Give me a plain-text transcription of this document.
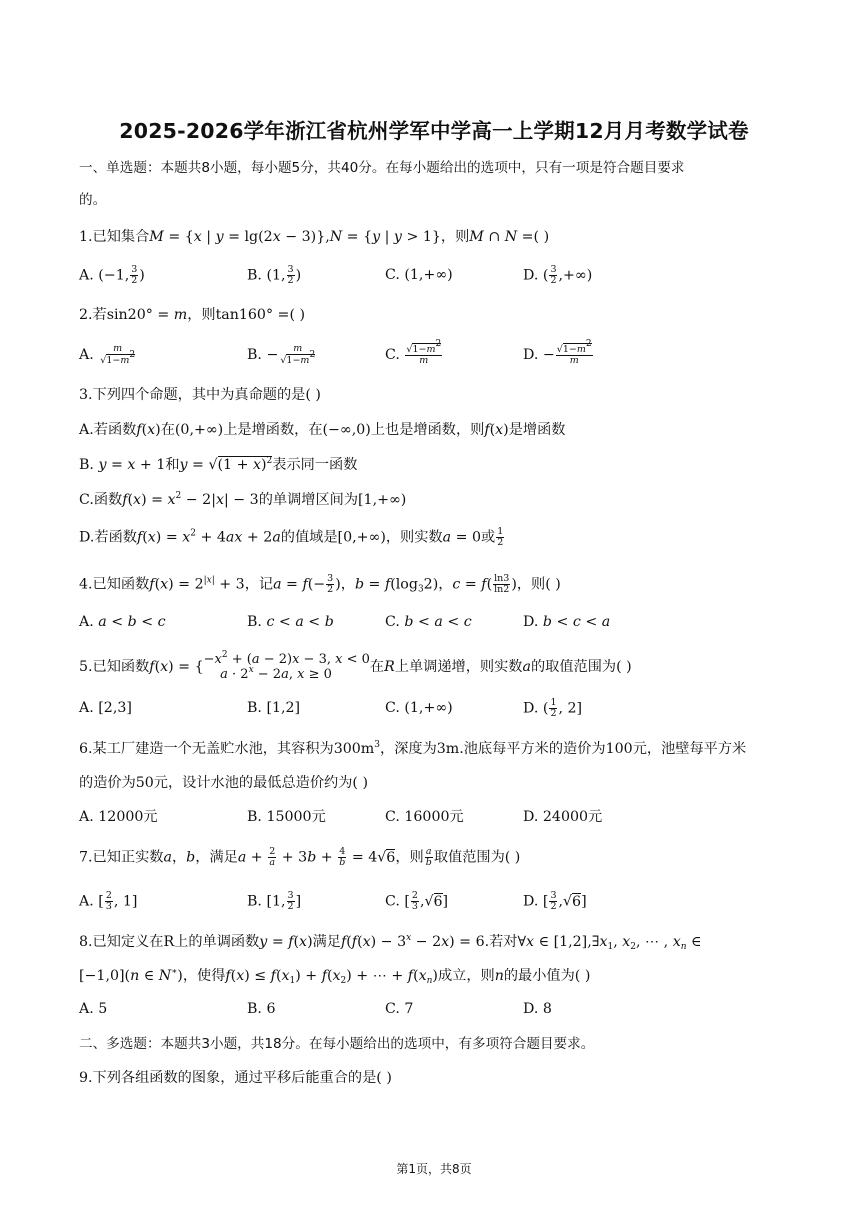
2025-2026学年浙江省杭州学军中学高一上学期12月月考数学试卷
一、单选题：本题共8小题，每小题5分，共40分。在每小题给出的选项中，只有一项是符合题目要求
的。
1.已知集合M = {x | y = lg(2x − 3)},N = {y | y > 1}，则M ∩ N =( )
A. (−1, $\frac{3}{2}$ )	B. (1, $\frac{3}{2}$ )	C. (1,+∞)	D. ( $\frac{3}{2}$ ,+∞)
2.若sin20° = m，则tan160° =( )
A. $\frac{m}{√1-m^2}$	B. − $\frac{m}{√1-m^2}$	C. $\frac{√1-m^2}{m}$	D. − $\frac{√1-m^2}{m}$
3.下列四个命题，其中为真命题的是( )
A.若函数f(x)在(0,+∞)上是增函数，在(−∞,0)上也是增函数，则f(x)是增函数
B. y = x + 1和$y = √(1 + x)^2$表示同一函数
C.函数$f(x) = x^2 - 2|x| - 3$的单调增区间为[1,+∞)
D.若函数$f(x) = x^2 + 4ax + 2a$的值域是[0,+∞)，则实数a = 0或 $\frac{1}{2}$
4.已知函数$f(x) = 2^{|x|} + 3$，记$a = f(- \frac{3}{2}$ )，$b = f(\log_32)$，$c = f( \frac{\ln 3}{\ln 2}$ )，则( )
A. a < b < c	B. c < a < b	C. b < a < c	D. b < c < a
5.已知函数f(x) = { $-x^2 + (a - 2)x - 3$, x < 0
$a \cdot 2^x - 2a$, x ≥ 0	在R上单调递增，则实数a的取值范围为( )
A. [2,3]	B. [1,2]	C. (1,+∞)	D. ( $\frac{1}{2}$ , 2]
6.某工厂建造一个无盖贮水池，其容积为$300m^3$，深度为3m.池底每平方米的造价为100元，池壁每平方米
的造价为50元，设计水池的最低总造价约为( )
A. 12000元	B. 15000元	C. 16000元	D. 24000元
7.已知正实数a，b，满足$a + \frac{2}{a} + 3b + \frac{4}{b} = 4√6$，则 $\frac{a}{b}$ 取值范围为( )
A. [ $\frac{2}{3}$ , 1]	B. [1, $\frac{3}{2}$ ]	C. [ $\frac{2}{3} ,√6$]	D. [ $\frac{3}{2} ,√6$]
8.已知定义在R上的单调函数y = f(x)满足$f(f(x) - 3^x - 2x) = 6$.若对∀x ∈ $[1,2],\exists x_1$, $x_2$, ⋯ , $x_n$ ∈
[−1,0](n ∈ N∗)，使得$f(x) \le f(x_1) + f(x_2)$ + ⋯ + $f(x_n)$成立，则n的最小值为( )
A. 5	B. 6	C. 7	D. 8
二、多选题：本题共3小题，共18分。在每小题给出的选项中，有多项符合题目要求。
9.下列各组函数的图象，通过平移后能重合的是( )
第1页，共8页
